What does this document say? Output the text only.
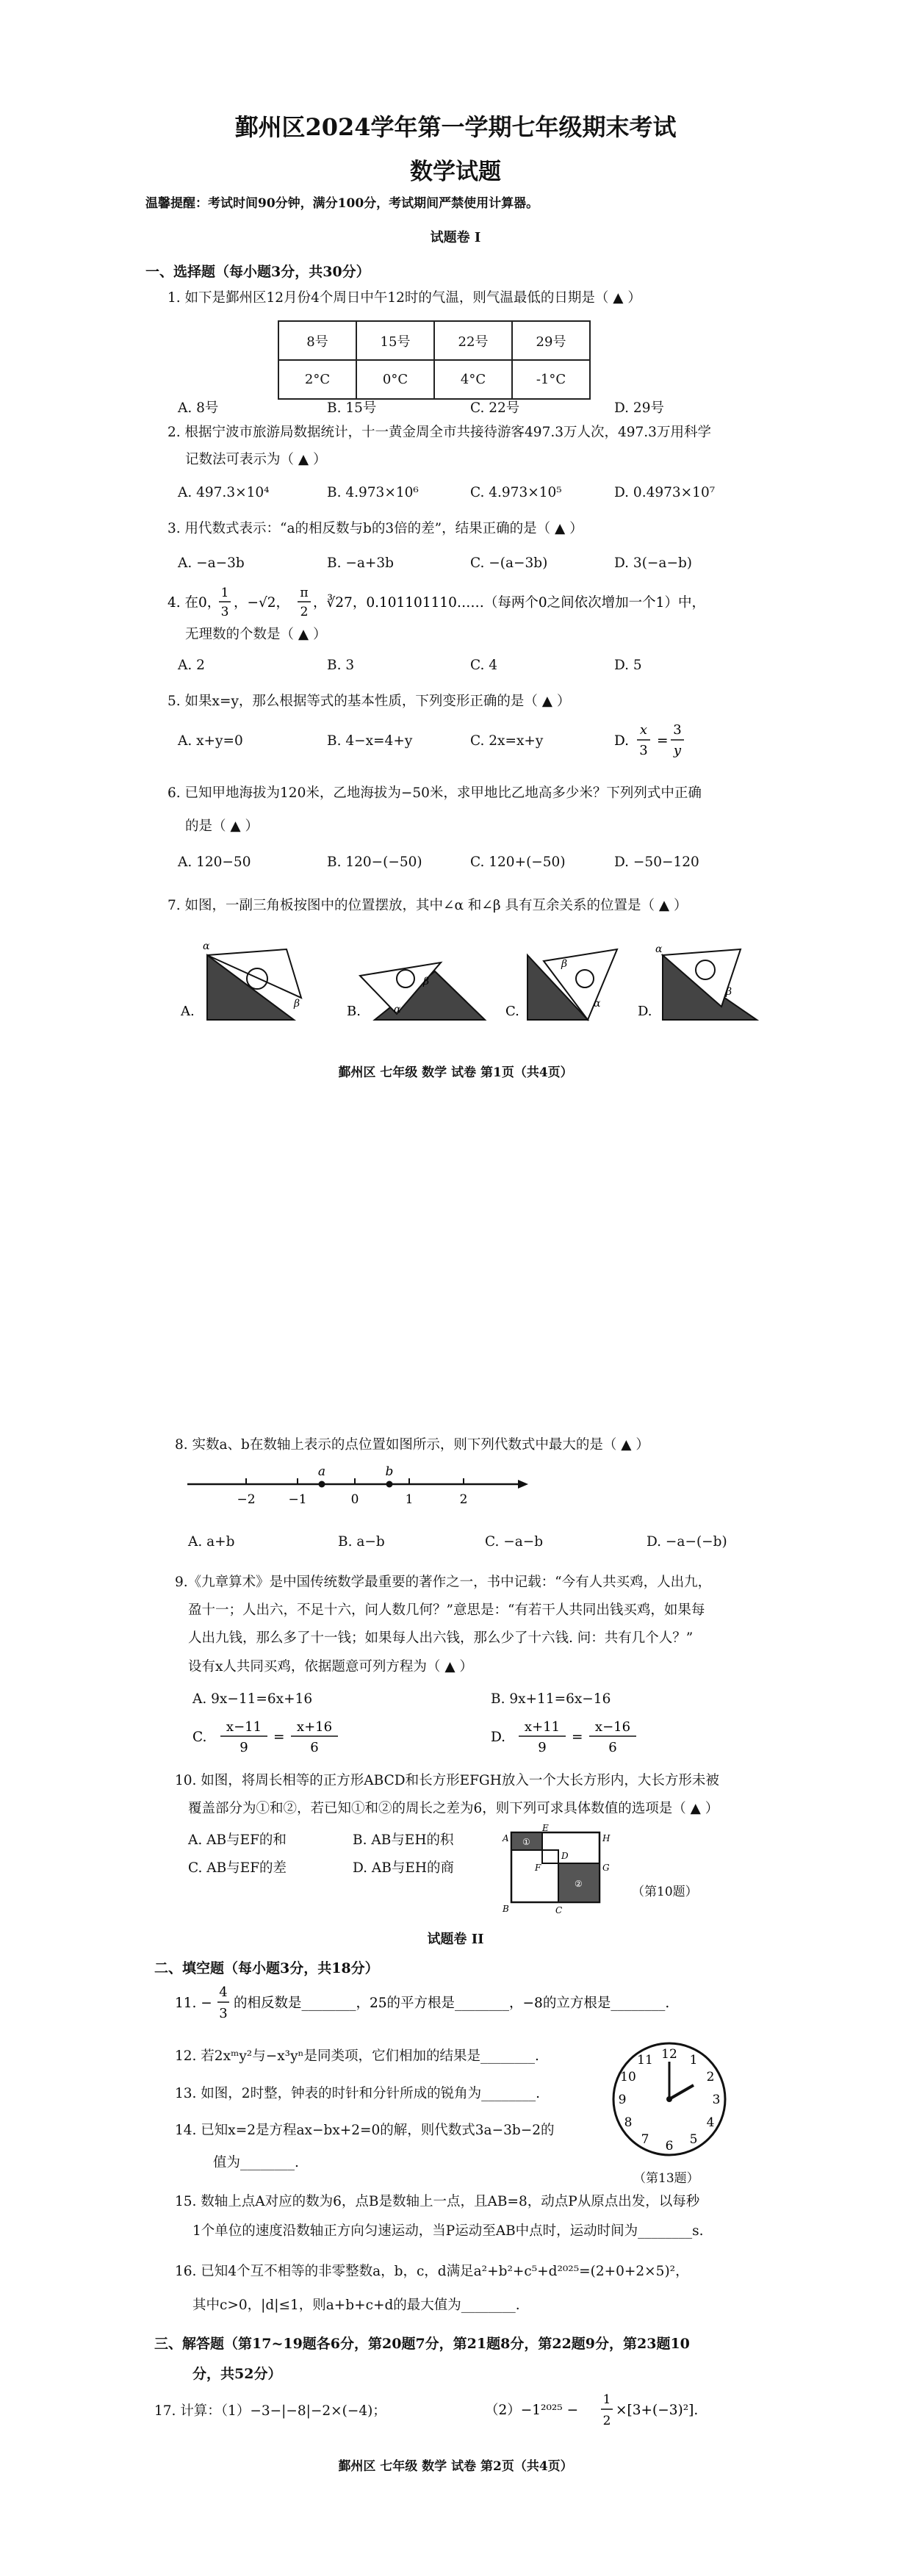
鄞州区2024学年第一学期七年级期末考试
数学试题
温馨提醒：考试时间90分钟，满分100分，考试期间严禁使用计算器。
试题卷 I
一、选择题（每小题3分，共30分）
1. 如下是鄞州区12月份4个周日中午12时的气温，则气温最低的日期是（ ▲ ）
8号	15号	22号	29号
2°C	0°C	4°C	-1°C
A. 8号	B. 15号	C. 22号	D. 29号
2. 根据宁波市旅游局数据统计，十一黄金周全市共接待游客497.3万人次，497.3万用科学
记数法可表示为（ ▲ ）
A. 497.3×10⁴	B. 4.973×10⁶	C. 4.973×10⁵	D. 0.4973×10⁷
3. 用代数式表示：“a的相反数与b的3倍的差”，结果正确的是（ ▲ ）
A. −a−3b	B. −a+3b	C. −(a−3b)	D. 3(−a−b)
4. 在0，
1
3
，−√2，
π
2
，∛27，0.101101110……（每两个0之间依次增加一个1）中，
无理数的个数是（ ▲ ）
A. 2	B. 3	C. 4	D. 5
5. 如果x=y，那么根据等式的基本性质，下列变形正确的是（ ▲ ）
A. x+y=0	B. 4−x=4+y	C. 2x=x+y	D.
x
3
=
3
y
6. 已知甲地海拔为120米，乙地海拔为−50米，求甲地比乙地高多少米？下列列式中正确
的是（ ▲ ）
A. 120−50	B. 120−(−50)	C. 120+(−50)	D. −50−120
7. 如图，一副三角板按图中的位置摆放，其中∠α 和∠β 具有互余关系的位置是（ ▲ ）
A.
α
β	B.	α
β
C.
β
α	D.
α
β
鄞州区 七年级 数学 试卷 第1页（共4页）
8. 实数a、b在数轴上表示的点位置如图所示，则下列代数式中最大的是（ ▲ ）
a	b
−2	−1	0	1	2
A. a+b	B. a−b	C. −a−b	D. −a−(−b)
9.《九章算术》是中国传统数学最重要的著作之一，书中记载：“今有人共买鸡，人出九，
盈十一；人出六，不足十六，问人数几何？”意思是：“有若干人共同出钱买鸡，如果每
人出九钱，那么多了十一钱；如果每人出六钱，那么少了十六钱. 问：共有几个人？”
设有x人共同买鸡，依据题意可列方程为（ ▲ ）
A. 9x−11=6x+16	B. 9x+11=6x−16
C.
x−11
9
=
x+16
6
D.
x+11
9
=
x−16
6
10. 如图，将周长相等的正方形ABCD和长方形EFGH放入一个大长方形内，大长方形未被
覆盖部分为①和②，若已知①和②的周长之差为6，则下列可求具体数值的选项是（ ▲ ）
A. AB与EF的和	B. AB与EH的积
C. AB与EF的差	D. AB与EH的商
A
D
E
H
F	G
B	C
①
②
（第10题）
试题卷 II
二、填空题（每小题3分，共18分）
11. −
4
3
的相反数是________，25的平方根是________，−8的立方根是________.
12. 若2xᵐy²与−x³yⁿ是同类项，它们相加的结果是________.
13. 如图，2时整，钟表的时针和分针所成的锐角为________.
14. 已知x=2是方程ax−bx+2=0的解，则代数式3a−3b−2的
值为________.
12 1
2
3
4
5
6
7
8
9
10
11
（第13题）
15. 数轴上点A对应的数为6，点B是数轴上一点，且AB=8，动点P从原点出发，以每秒
1个单位的速度沿数轴正方向匀速运动，当P运动至AB中点时，运动时间为________s.
16. 已知4个互不相等的非零整数a，b，c，d满足a²+b²+c⁵+d²⁰²⁵=(2+0+2×5)²，
其中c>0，|d|≤1，则a+b+c+d的最大值为________.
三、解答题（第17~19题各6分，第20题7分，第21题8分，第22题9分，第23题10
分，共52分）
17. 计算：（1）−3−|−8|−2×(−4)；	（2）−1²⁰²⁵ −
1
2
×[3+(−3)²].
鄞州区 七年级 数学 试卷 第2页（共4页）
